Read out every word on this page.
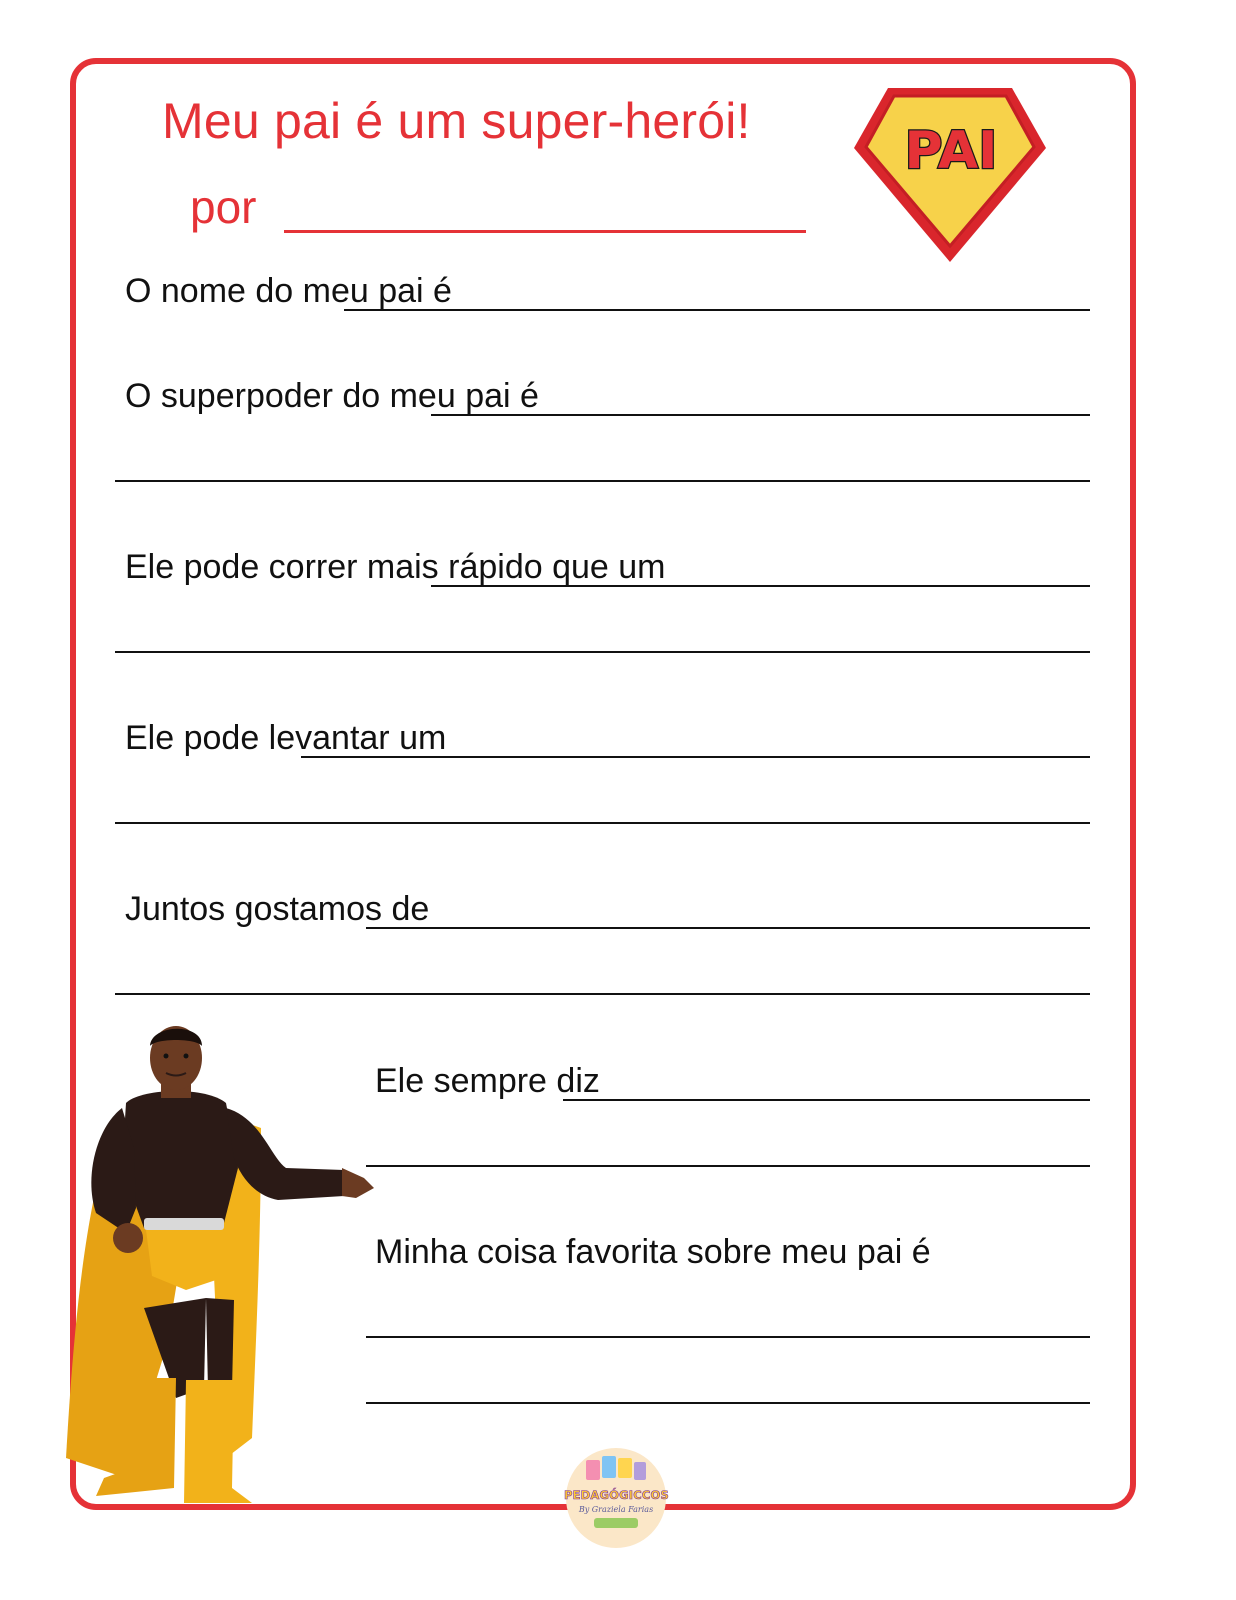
Meu pai é um super-herói!
por
PAI
O nome do meu pai é
O superpoder do meu pai é
Ele pode correr mais rápido que um
Ele pode levantar um
Juntos gostamos de
Ele sempre diz
Minha coisa favorita sobre meu pai é
PEDAGÓGICCOS
By Graziela Farias
